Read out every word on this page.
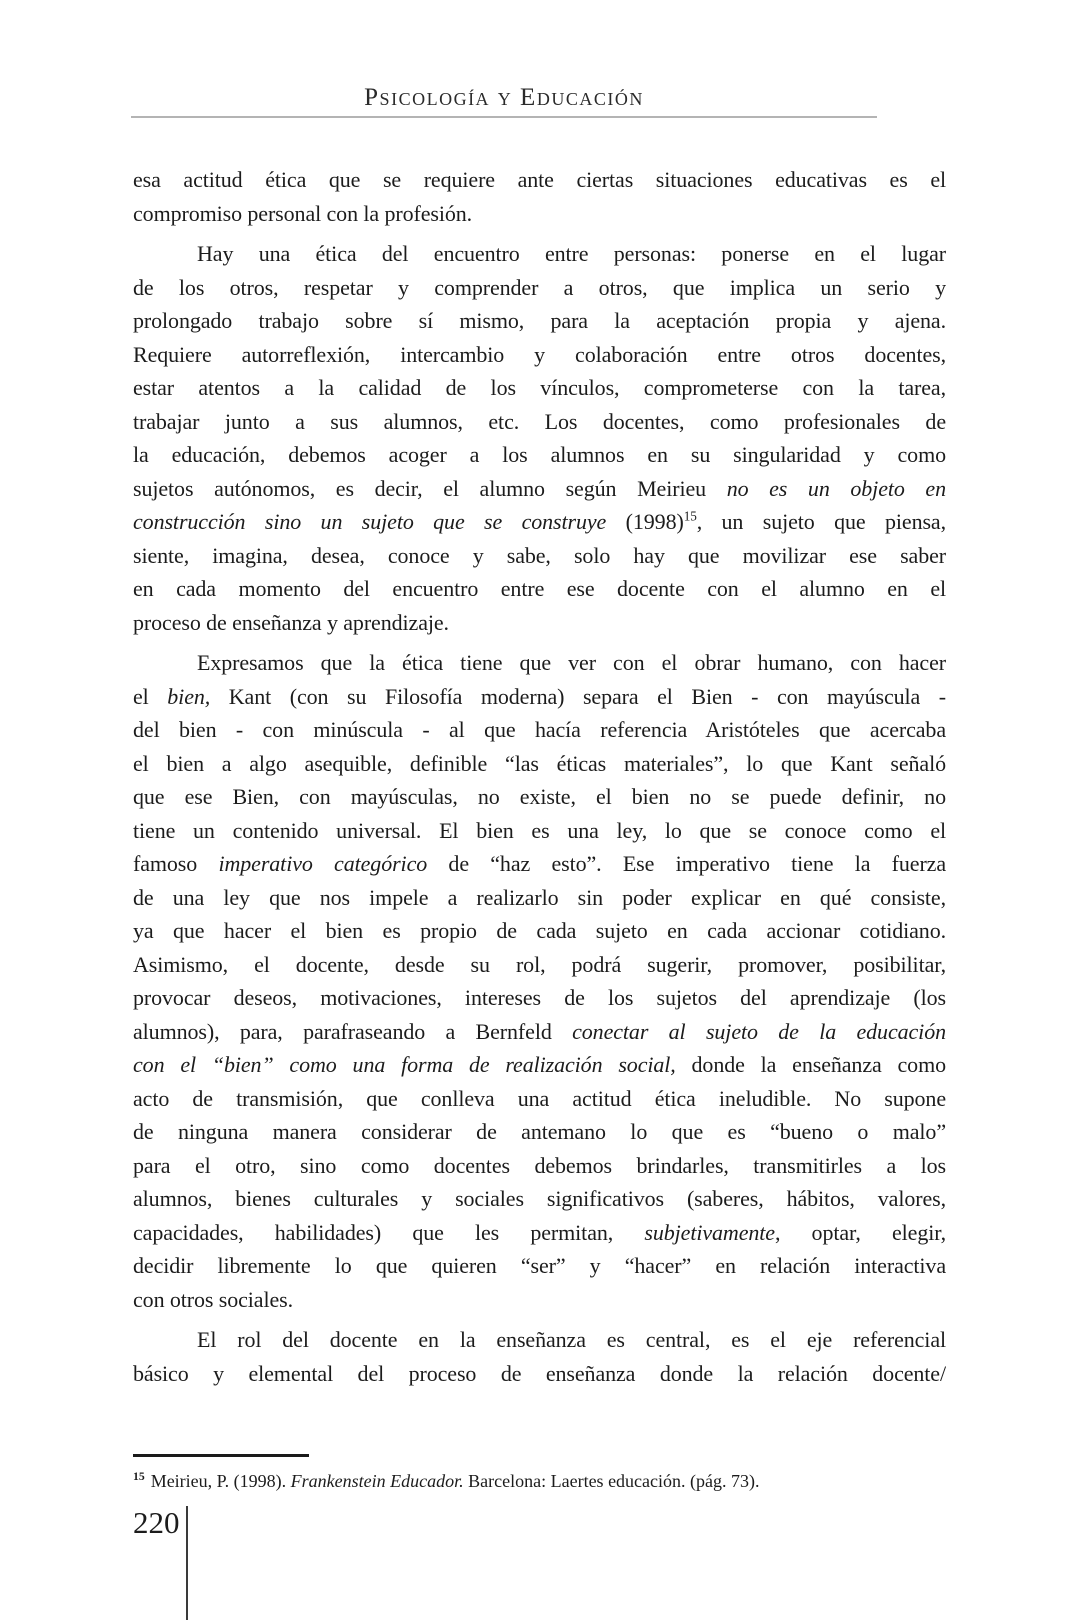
Psicología y Educación
esa actitud ética que se requiere ante ciertas situaciones educativas es el
compromiso personal con la profesión.
Hay una ética del encuentro entre personas: ponerse en el lugar
de los otros, respetar y comprender a otros, que implica un serio y
prolongado trabajo sobre sí mismo, para la aceptación propia y ajena.
Requiere autorreflexión, intercambio y colaboración entre otros docentes,
estar atentos a la calidad de los vínculos, comprometerse con la tarea,
trabajar junto a sus alumnos, etc. Los docentes, como profesionales de
la educación, debemos acoger a los alumnos en su singularidad y como
sujetos autónomos, es decir, el alumno según Meirieu no es un objeto en
construcción sino un sujeto que se construye $(1998)^{15}$, un sujeto que piensa,
siente, imagina, desea, conoce y sabe, solo hay que movilizar ese saber
en cada momento del encuentro entre ese docente con el alumno en el
proceso de enseñanza y aprendizaje.
Expresamos que la ética tiene que ver con el obrar humano, con hacer
el bien, Kant (con su Filosofía moderna) separa el Bien - con mayúscula -
del bien - con minúscula - al que hacía referencia Aristóteles que acercaba
el bien a algo asequible, definible “las éticas materiales”, lo que Kant señaló
que ese Bien, con mayúsculas, no existe, el bien no se puede definir, no
tiene un contenido universal. El bien es una ley, lo que se conoce como el
famoso imperativo categórico de “haz esto”. Ese imperativo tiene la fuerza
de una ley que nos impele a realizarlo sin poder explicar en qué consiste,
ya que hacer el bien es propio de cada sujeto en cada accionar cotidiano.
Asimismo, el docente, desde su rol, podrá sugerir, promover, posibilitar,
provocar deseos, motivaciones, intereses de los sujetos del aprendizaje (los
alumnos), para, parafraseando a Bernfeld conectar al sujeto de la educación
con el “bien” como una forma de realización social, donde la enseñanza como
acto de transmisión, que conlleva una actitud ética ineludible. No supone
de ninguna manera considerar de antemano lo que es “bueno o malo”
para el otro, sino como docentes debemos brindarles, transmitirles a los
alumnos, bienes culturales y sociales significativos (saberes, hábitos, valores,
capacidades, habilidades) que les permitan, subjetivamente, optar, elegir,
decidir libremente lo que quieren “ser” y “hacer” en relación interactiva
con otros sociales.
El rol del docente en la enseñanza es central, es el eje referencial
básico y elemental del proceso de enseñanza donde la relación docente/
$^{15}$ Meirieu, P. (1998). Frankenstein Educador. Barcelona: Laertes educación. (pág. 73).
220
